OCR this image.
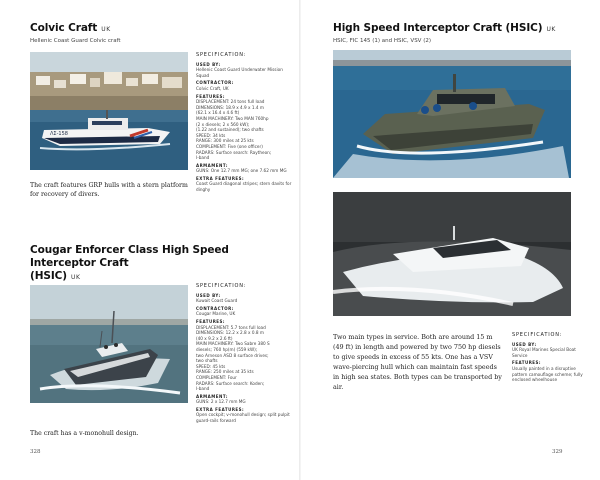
Colvic Craft UK
Hellenic Coast Guard Colvic craft
ΛΣ-158
The craft features GRP hulls with a stern platform for recovery of divers.
SPECIFICATION:
USED BY:
Hellenic Coast Guard Underwater Mission Squad
CONTRACTOR:
Colvic Craft, UK
FEATURES:
DISPLACEMENT: 24 tons full load
DIMENSIONS: 18.9 x 4.9 x 1.4 m
(62.1 x 16.4 x 4.6 ft)
MAIN MACHINERY: Two MAN 760hp
(2 x diesels; 2 x 560 kW);
(1.22 and sustained); two shafts
SPEED: 34 kts
RANGE: 300 miles at 25 kts
COMPLEMENT: Five (one officer)
RADARS: Surface search: Raytheon;
I-band
ARMAMENT:
GUNS: One 12.7 mm MG; one 7.62 mm MG
EXTRA FEATURES:
Coast Guard diagonal stripes; stern davits for dinghy
Cougar Enforcer Class High Speed Interceptor Craft
(HSIC) UK
The craft has a v-monohull design.
SPECIFICATION:
USED BY:
Kuwait Coast Guard
CONTRACTOR:
Cougar Marine, UK
FEATURES:
DISPLACEMENT: 5.7 tons full load
DIMENSIONS: 12.2 x 2.8 x 0.8 m
(40 x 9.2 x 2.6 ft)
MAIN MACHINERY: Two Sabre 380 S
diesels; 760 hp(m) (559 kW);
two Arneson ASD 8 surface drives;
two shafts
SPEED: 45 kts
RANGE: 250 miles at 35 kts
COMPLEMENT: Four
RADARS: Surface search: Koden;
I-band
ARMAMENT:
GUNS: 2 x 12.7 mm MG
EXTRA FEATURES:
Open cockpit; v-monohull design; split pulpit guard-rails forward
328
High Speed Interceptor Craft (HSIC) UK
HSIC, FIC 145 (1) and HSIC, VSV (2)
Two main types in service. Both are around 15 m (49 ft) in length and powered by two 750 hp diesels to give speeds in excess of 55 kts. One has a VSV wave-piercing hull which can maintain fast speeds in high sea states. Both types can be transported by air.
SPECIFICATION:
USED BY:
UK Royal Marines Special Boat Service
FEATURES:
Usually painted in a disruptive pattern camouflage scheme; fully enclosed wheelhouse
329
